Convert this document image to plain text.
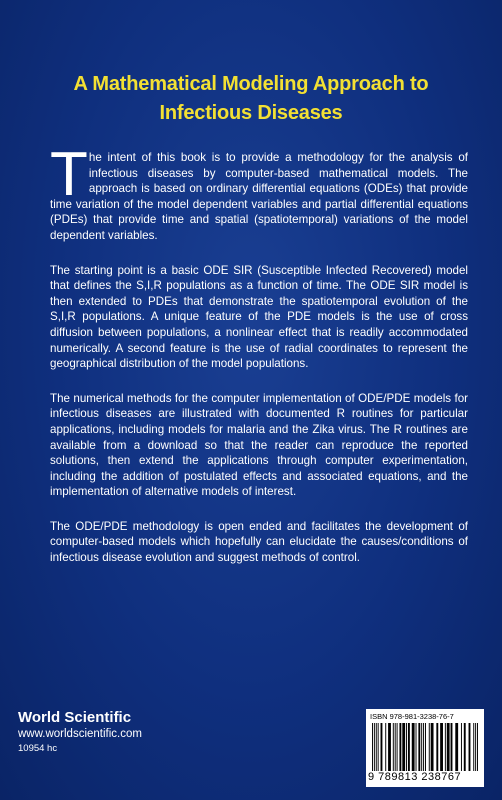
A Mathematical Modeling Approach to
Infectious Diseases

The intent of this book is to provide a methodology for the analysis of infectious diseases by computer-based mathematical models. The approach is based on ordinary differential equations (ODEs) that provide time variation of the model dependent variables and partial differential equations (PDEs) that provide time and spatial (spatiotemporal) variations of the model dependent variables.

The starting point is a basic ODE SIR (Susceptible Infected Recovered) model that defines the S,I,R populations as a function of time. The ODE SIR model is then extended to PDEs that demonstrate the spatiotemporal evolution of the S,I,R populations. A unique feature of the PDE models is the use of cross diffusion between populations, a nonlinear effect that is readily accommodated numerically. A second feature is the use of radial coordinates to represent the geographical distribution of the model populations.

The numerical methods for the computer implementation of ODE/PDE models for infectious diseases are illustrated with documented R routines for particular applications, including models for malaria and the Zika virus. The R routines are available from a download so that the reader can reproduce the reported solutions, then extend the applications through computer experimentation, including the addition of postulated effects and associated equations, and the implementation of alternative models of interest.

The ODE/PDE methodology is open ended and facilitates the development of computer-based models which hopefully can elucidate the causes/conditions of infectious disease evolution and suggest methods of control.

World Scientific
www.worldscientific.com
10954 hc
ISBN 978-981-3238-76-7
9 789813 238767
